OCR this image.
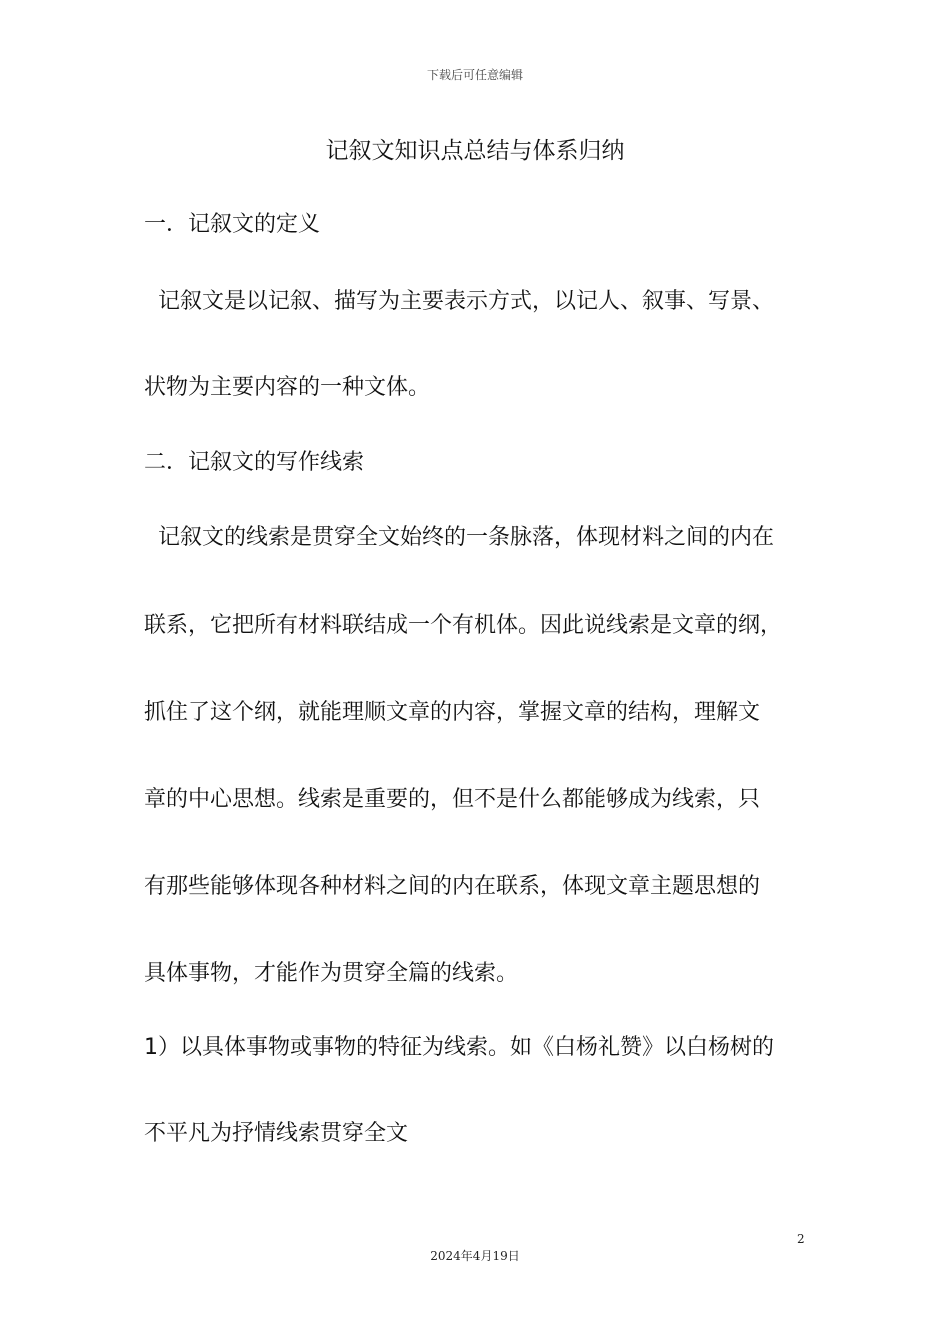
下载后可任意编辑
记叙文知识点总结与体系归纳
一．记叙文的定义
记叙文是以记叙、描写为主要表示方式，以记人、叙事、写景、
状物为主要内容的一种文体。
二．记叙文的写作线索
记叙文的线索是贯穿全文始终的一条脉落，体现材料之间的内在
联系，它把所有材料联结成一个有机体。因此说线索是文章的纲，
抓住了这个纲，就能理顺文章的内容，掌握文章的结构，理解文
章的中心思想。线索是重要的，但不是什么都能够成为线索，只
有那些能够体现各种材料之间的内在联系，体现文章主题思想的
具体事物，才能作为贯穿全篇的线索。
1）以具体事物或事物的特征为线索。如《白杨礼赞》以白杨树的
不平凡为抒情线索贯穿全文
2
2024年4月19日
